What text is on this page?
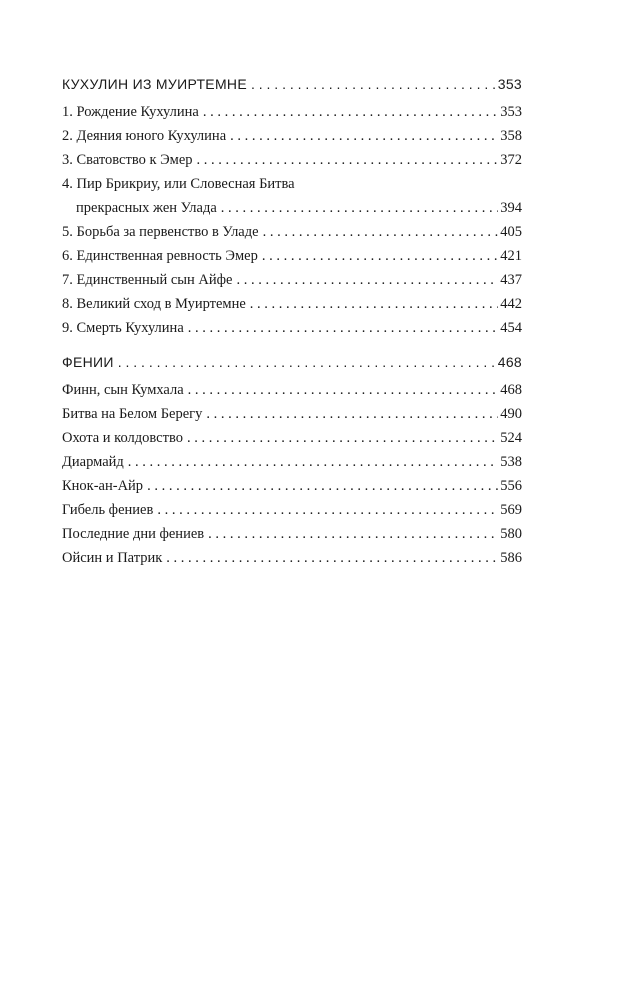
КУХУЛИН ИЗ МУИРТЕМНЕ . . .	353
1. Рождение Кухулина . . .	353
2. Деяния юного Кухулина . . .	358
3. Сватовство к Эмер . . .	372
4. Пир Брикриу, или Словесная Битва
прекрасных жен Улада . . .	394
5. Борьба за первенство в Уладе . . .	405
6. Единственная ревность Эмер . . .	421
7. Единственный сын Айфе . . .	437
8. Великий сход в Муиртемне . . .	442
9. Смерть Кухулина . . .	454
ФЕНИИ . . .	468
Финн, сын Кумхала . . .	468
Битва на Белом Берегу . . .	490
Охота и колдовство . . .	524
Диармайд . . .	538
Кнок-ан-Айр . . .	556
Гибель фениев . . .	569
Последние дни фениев . . .	580
Ойсин и Патрик . . .	586
